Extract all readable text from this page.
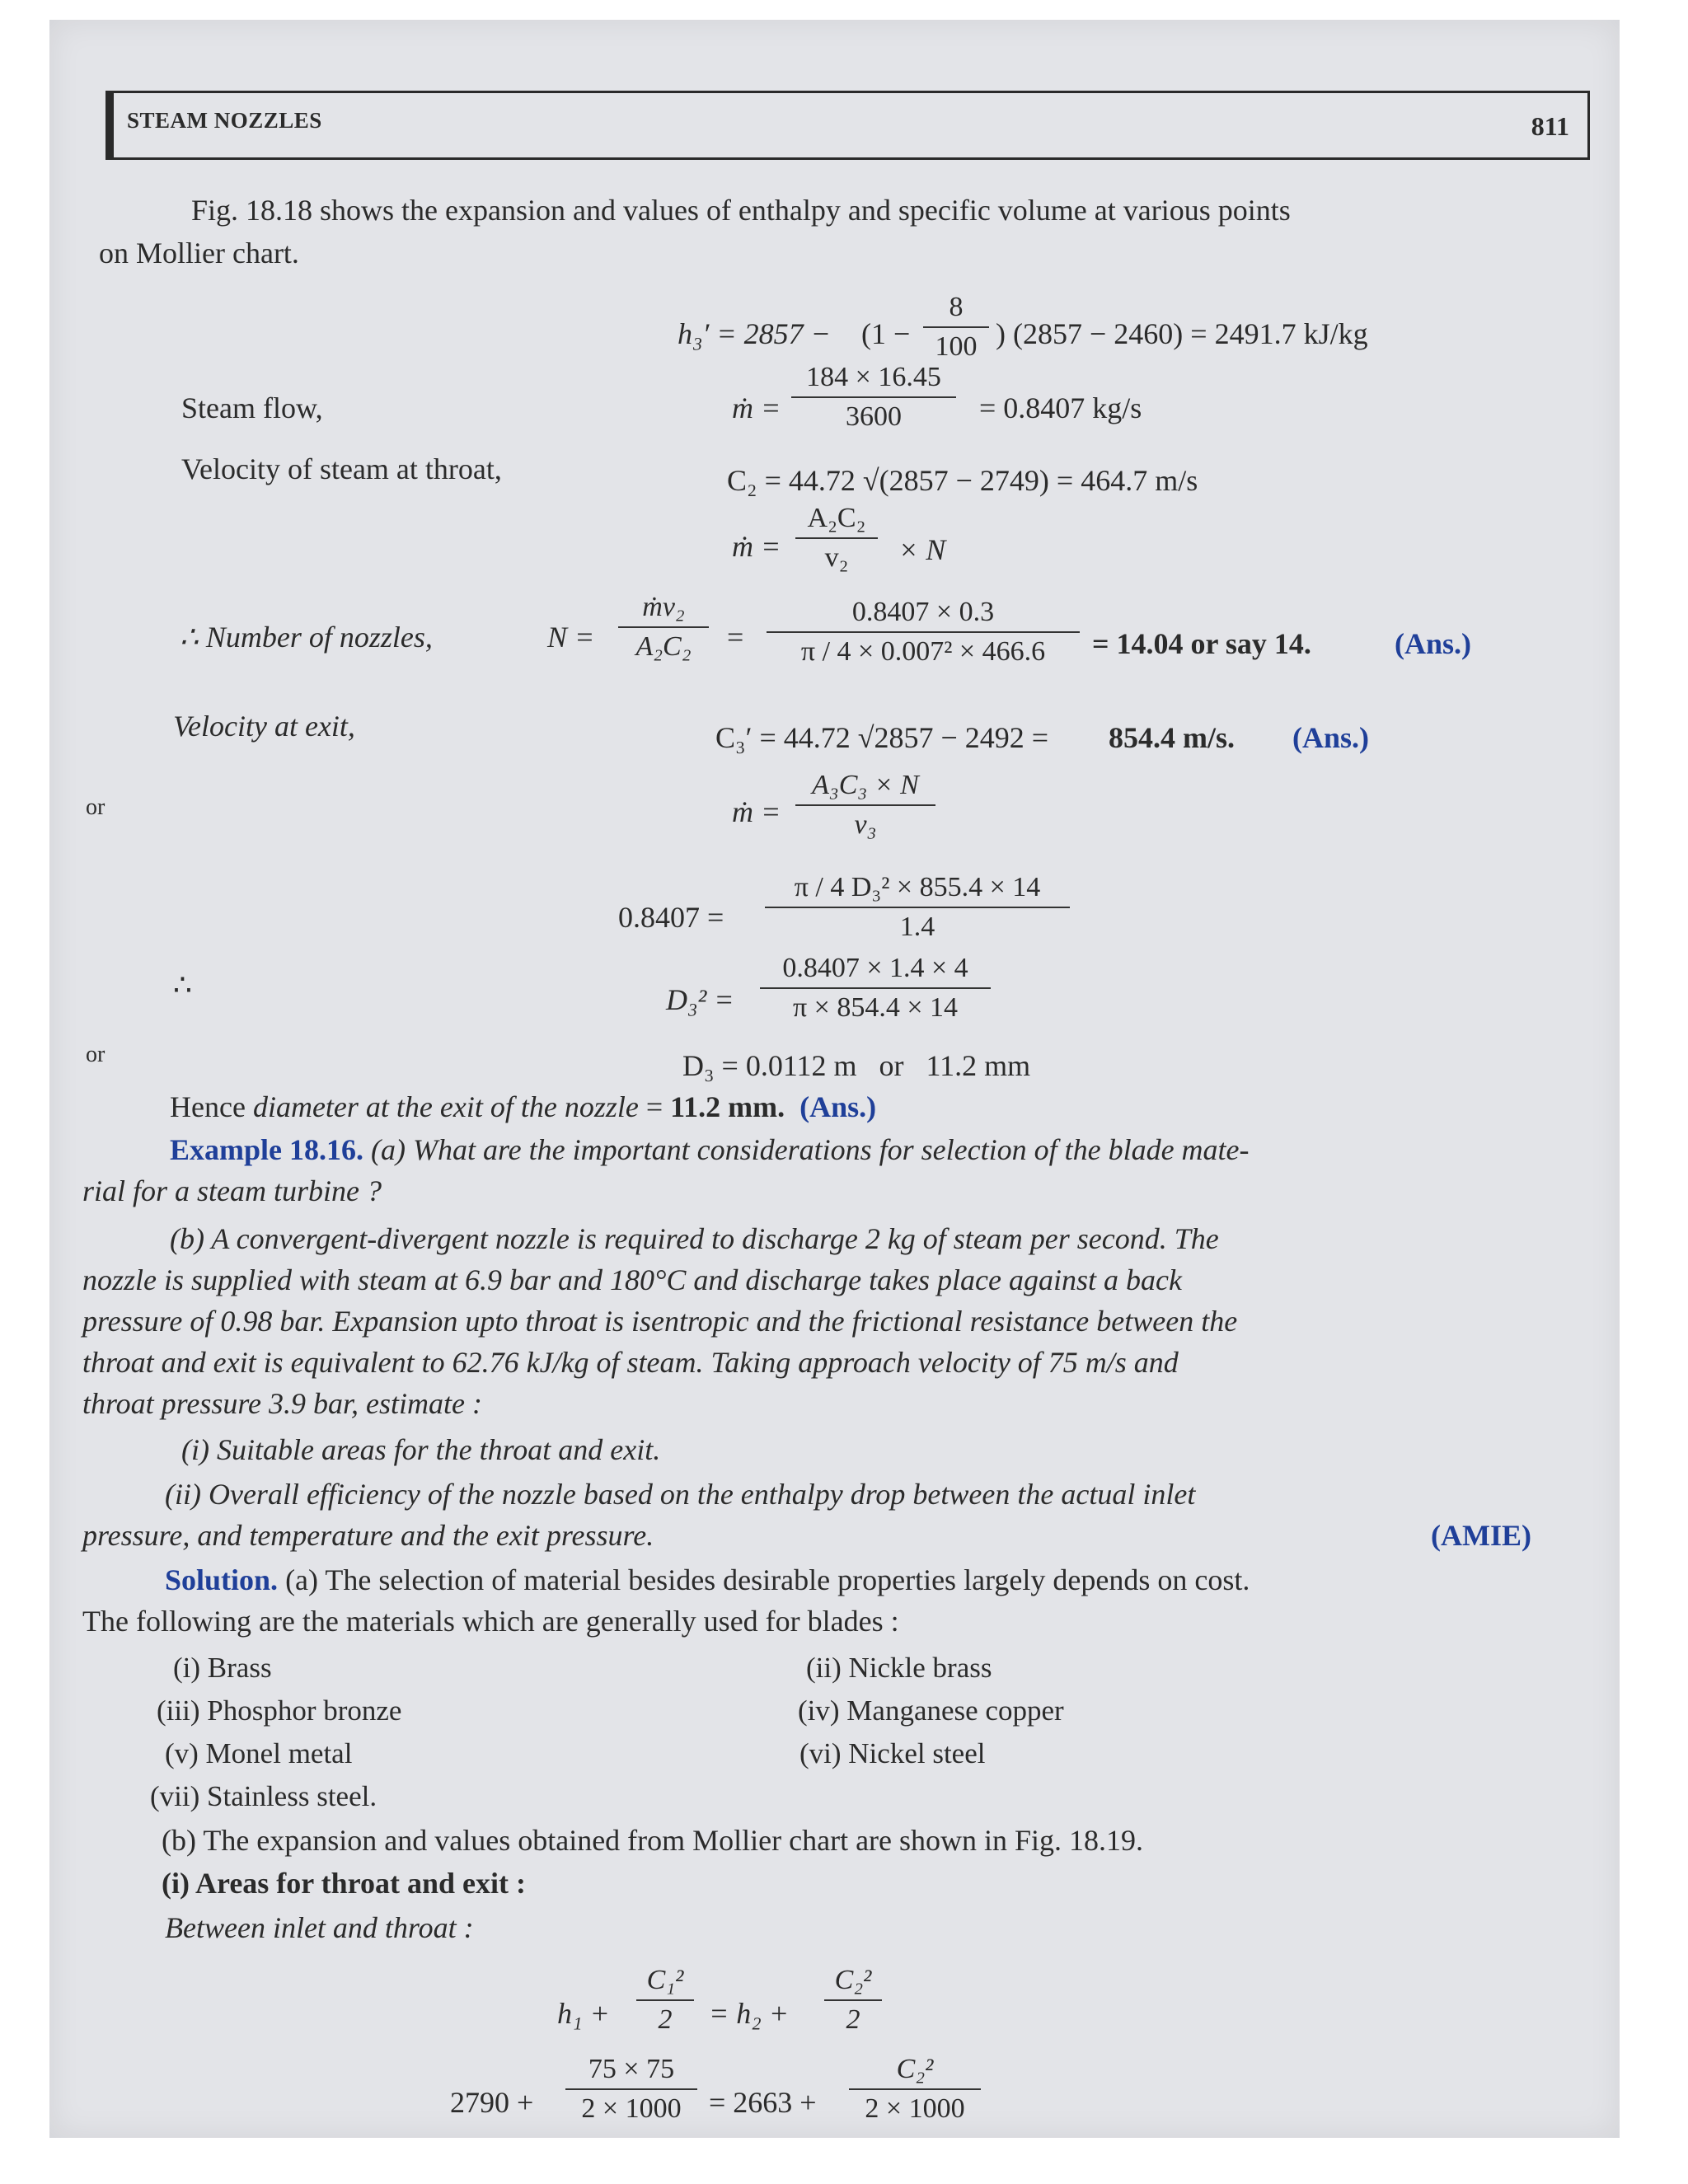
STEAM NOZZLES	811
Fig. 18.18 shows the expansion and values of enthalpy and specific volume at various points
on Mollier chart.
h₃′ = 2857 − (1 −
8
100 ) (2857 − 2460) = 2491.7 kJ/kg
Steam flow,	ṁ =
184 × 16.45
3600	= 0.8407 kg/s
Velocity of steam at throat,	C₂ = 44.72 √(2857 − 2749) = 464.7 m/s
ṁ =
A₂C₂
v₂	× N
∴ Number of nozzles,	N =
ṁv₂
A₂C₂	=
0.8407 × 0.3
π / 4 × 0.007² × 466.6	= 14.04 or say 14.	(Ans.)
Velocity at exit,	C₃′ = 44.72 √2857 − 2492 = 854.4 m/s. (Ans.)
or	ṁ =
A₃C₃ × N
v₃
0.8407 =
π / 4 D₃² × 855.4 × 14
1.4
∴	D₃² =
0.8407 × 1.4 × 4
π × 854.4 × 14
or	D₃ = 0.0112 m   or   11.2 mm
Hence diameter at the exit of the nozzle = 11.2 mm. (Ans.)
Example 18.16. (a) What are the important considerations for selection of the blade mate-
rial for a steam turbine ?
(b) A convergent-divergent nozzle is required to discharge 2 kg of steam per second. The
nozzle is supplied with steam at 6.9 bar and 180°C and discharge takes place against a back
pressure of 0.98 bar. Expansion upto throat is isentropic and the frictional resistance between the
throat and exit is equivalent to 62.76 kJ/kg of steam. Taking approach velocity of 75 m/s and
throat pressure 3.9 bar, estimate :
(i) Suitable areas for the throat and exit.
(ii) Overall efficiency of the nozzle based on the enthalpy drop between the actual inlet
pressure, and temperature and the exit pressure.	(AMIE)
Solution. (a) The selection of material besides desirable properties largely depends on cost.
The following are the materials which are generally used for blades :
(i) Brass	(ii) Nickle brass
(iii) Phosphor bronze	(iv) Manganese copper
(v) Monel metal	(vi) Nickel steel
(vii) Stainless steel.
(b) The expansion and values obtained from Mollier chart are shown in Fig. 18.19.
(i) Areas for throat and exit :
Between inlet and throat :
h₁ +
C₁²
2	= h₂ +
C₂²
2
2790 +
75 × 75
2 × 1000 = 2663 +
C₂²
2 × 1000
